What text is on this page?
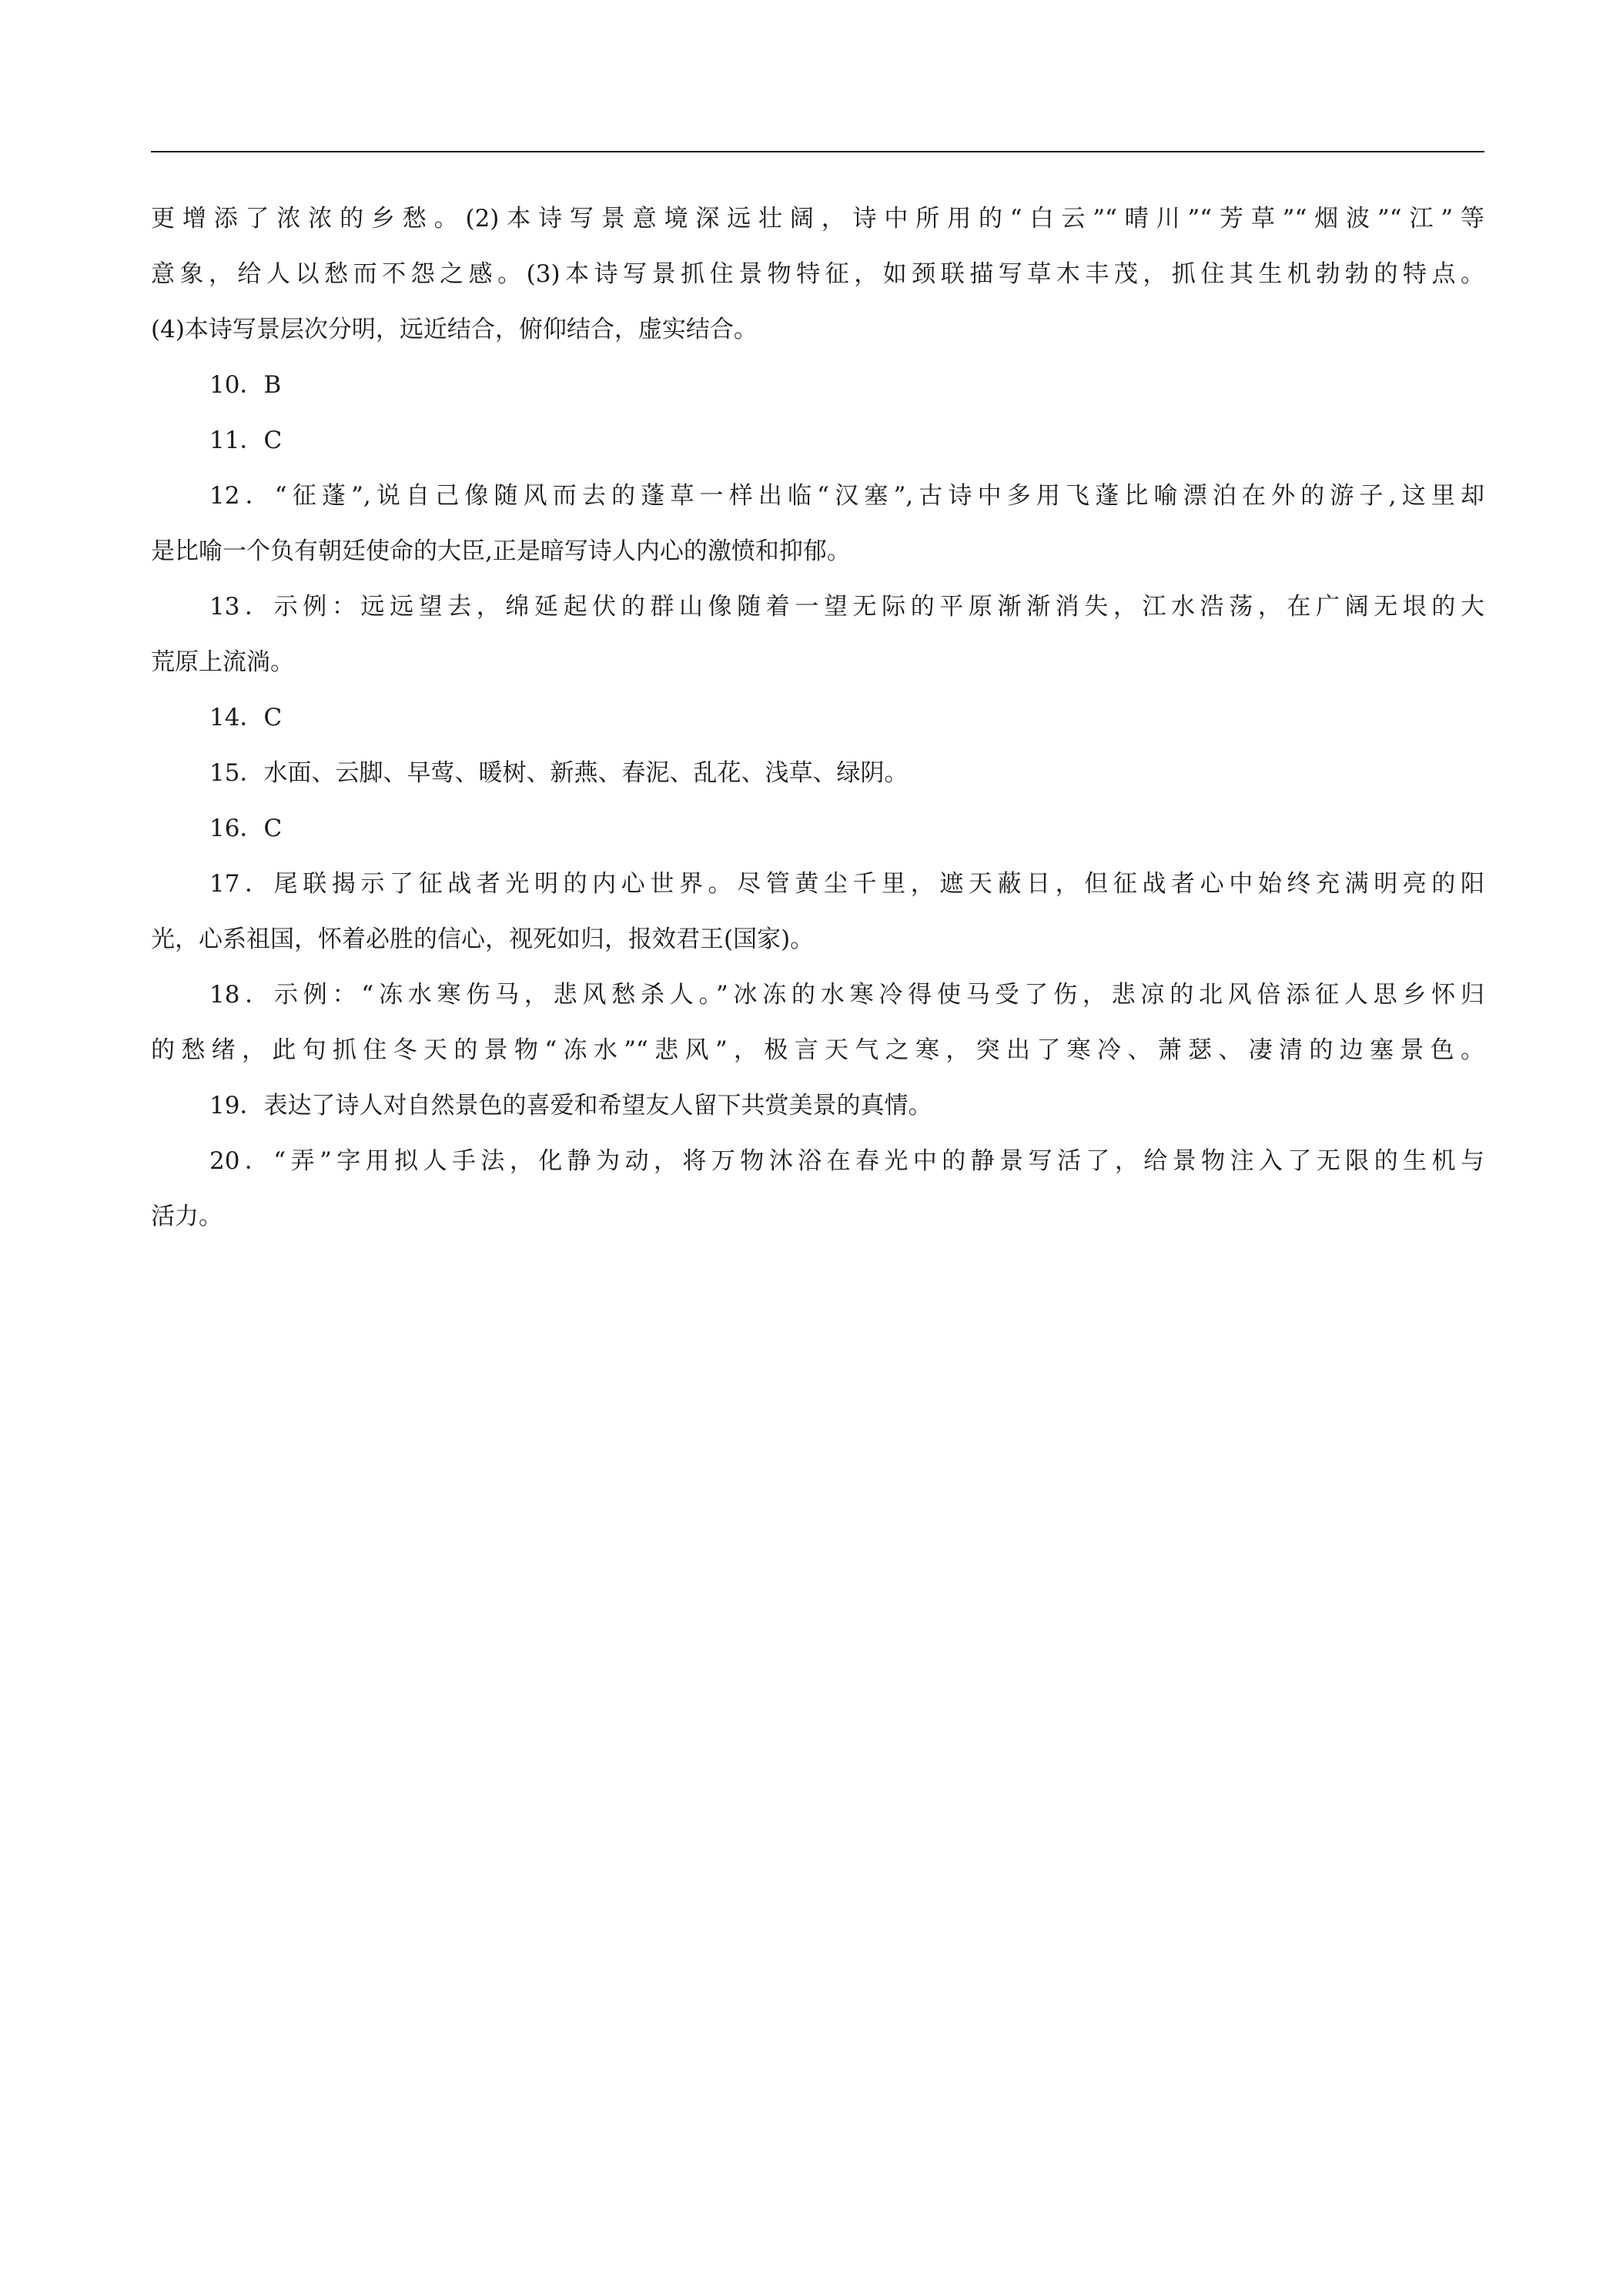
更增添了浓浓的乡愁。(2)本诗写景意境深远壮阔，诗中所用的“白云”“晴川”“芳草”“烟波”“江”等
意象，给人以愁而不怨之感。(3)本诗写景抓住景物特征，如颈联描写草木丰茂，抓住其生机勃勃的特点。
(4)本诗写景层次分明，远近结合，俯仰结合，虚实结合。
10．B
11．C
12．“征蓬”,说自己像随风而去的蓬草一样出临“汉塞”,古诗中多用飞蓬比喻漂泊在外的游子,这里却
是比喻一个负有朝廷使命的大臣,正是暗写诗人内心的激愤和抑郁。
13．示例：远远望去，绵延起伏的群山像随着一望无际的平原渐渐消失，江水浩荡，在广阔无垠的大
荒原上流淌。
14．C
15．水面、云脚、早莺、暖树、新燕、春泥、乱花、浅草、绿阴。
16．C
17．尾联揭示了征战者光明的内心世界。尽管黄尘千里，遮天蔽日，但征战者心中始终充满明亮的阳
光，心系祖国，怀着必胜的信心，视死如归，报效君王(国家)。
18．示例：“冻水寒伤马，悲风愁杀人。”冰冻的水寒冷得使马受了伤，悲凉的北风倍添征人思乡怀归
的愁绪，此句抓住冬天的景物“冻水”“悲风”，极言天气之寒，突出了寒冷、萧瑟、凄清的边塞景色。
19．表达了诗人对自然景色的喜爱和希望友人留下共赏美景的真情。
20．“弄”字用拟人手法，化静为动，将万物沐浴在春光中的静景写活了，给景物注入了无限的生机与
活力。
